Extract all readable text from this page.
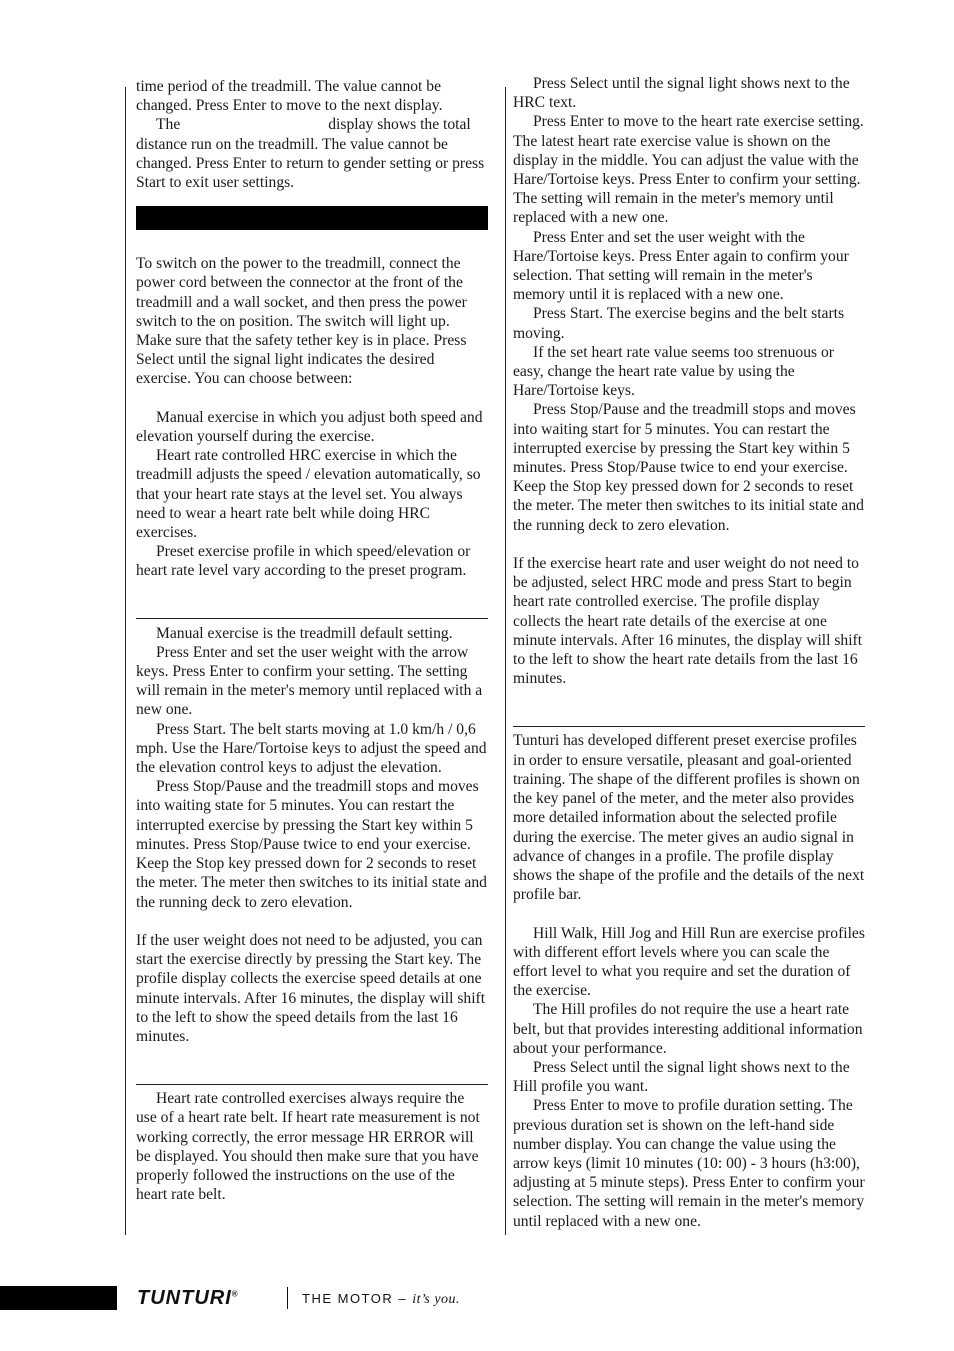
time period of the treadmill. The value cannot be changed. Press Enter to move to the next display.

The	display shows the total distance run on the treadmill. The value cannot be changed. Press Enter to return to gender setting or press Start to exit user settings.

To switch on the power to the treadmill, connect the power cord between the connector at the front of the treadmill and a wall socket, and then press the power switch to the on position. The switch will light up. Make sure that the safety tether key is in place. Press Select until the signal light indicates the desired exercise. You can choose between:

Manual exercise in which you adjust both speed and elevation yourself during the exercise.

Heart rate controlled HRC exercise in which the treadmill adjusts the speed / elevation automatically, so that your heart rate stays at the level set. You always need to wear a heart rate belt while doing HRC exercises.

Preset exercise profile in which speed/elevation or heart rate level vary according to the preset program.

Manual exercise is the treadmill default setting.

Press Enter and set the user weight with the arrow keys. Press Enter to confirm your setting. The setting will remain in the meter's memory until replaced with a new one.

Press Start. The belt starts moving at 1.0 km/h / 0,6 mph. Use the Hare/Tortoise keys to adjust the speed and the elevation control keys to adjust the elevation.

Press Stop/Pause and the treadmill stops and moves into waiting state for 5 minutes. You can restart the interrupted exercise by pressing the Start key within 5 minutes. Press Stop/Pause twice to end your exercise. Keep the Stop key pressed down for 2 seconds to reset the meter. The meter then switches to its initial state and the running deck to zero elevation.

If the user weight does not need to be adjusted, you can start the exercise directly by pressing the Start key. The profile display collects the exercise speed details at one minute intervals. After 16 minutes, the display will shift to the left to show the speed details from the last 16 minutes.

Heart rate controlled exercises always require the use of a heart rate belt. If heart rate measurement is not working correctly, the error message HR ERROR will be displayed. You should then make sure that you have properly followed the instructions on the use of the heart rate belt.

Press Select until the signal light shows next to the HRC text.

Press Enter to move to the heart rate exercise setting. The latest heart rate exercise value is shown on the display in the middle. You can adjust the value with the Hare/Tortoise keys. Press Enter to confirm your setting. The setting will remain in the meter's memory until replaced with a new one.

Press Enter and set the user weight with the Hare/Tortoise keys. Press Enter again to confirm your selection. That setting will remain in the meter's memory until it is replaced with a new one.

Press Start. The exercise begins and the belt starts moving.

If the set heart rate value seems too strenuous or easy, change the heart rate value by using the Hare/Tortoise keys.

Press Stop/Pause and the treadmill stops and moves into waiting start for 5 minutes. You can restart the interrupted exercise by pressing the Start key within 5 minutes. Press Stop/Pause twice to end your exercise. Keep the Stop key pressed down for 2 seconds to reset the meter. The meter then switches to its initial state and the running deck to zero elevation.

If the exercise heart rate and user weight do not need to be adjusted, select HRC mode and press Start to begin heart rate controlled exercise. The profile display collects the heart rate details of the exercise at one minute intervals. After 16 minutes, the display will shift to the left to show the heart rate details from the last 16 minutes.

Tunturi has developed different preset exercise profiles in order to ensure versatile, pleasant and goal-oriented training. The shape of the different profiles is shown on the key panel of the meter, and the meter also provides more detailed information about the selected profile during the exercise. The meter gives an audio signal in advance of changes in a profile. The profile display shows the shape of the profile and the details of the next profile bar.

Hill Walk, Hill Jog and Hill Run are exercise profiles with different effort levels where you can scale the effort level to what you require and set the duration of the exercise.

The Hill profiles do not require the use a heart rate belt, but that provides interesting additional information about your performance.

Press Select until the signal light shows next to the Hill profile you want.

Press Enter to move to profile duration setting. The previous duration set is shown on the left-hand side number display. You can change the value using the arrow keys (limit 10 minutes (10: 00) - 3 hours (h3:00), adjusting at 5 minute steps). Press Enter to confirm your selection. The setting will remain in the meter's memory until replaced with a new one.

TUNTURI®	THE MOTOR – it’s you.
